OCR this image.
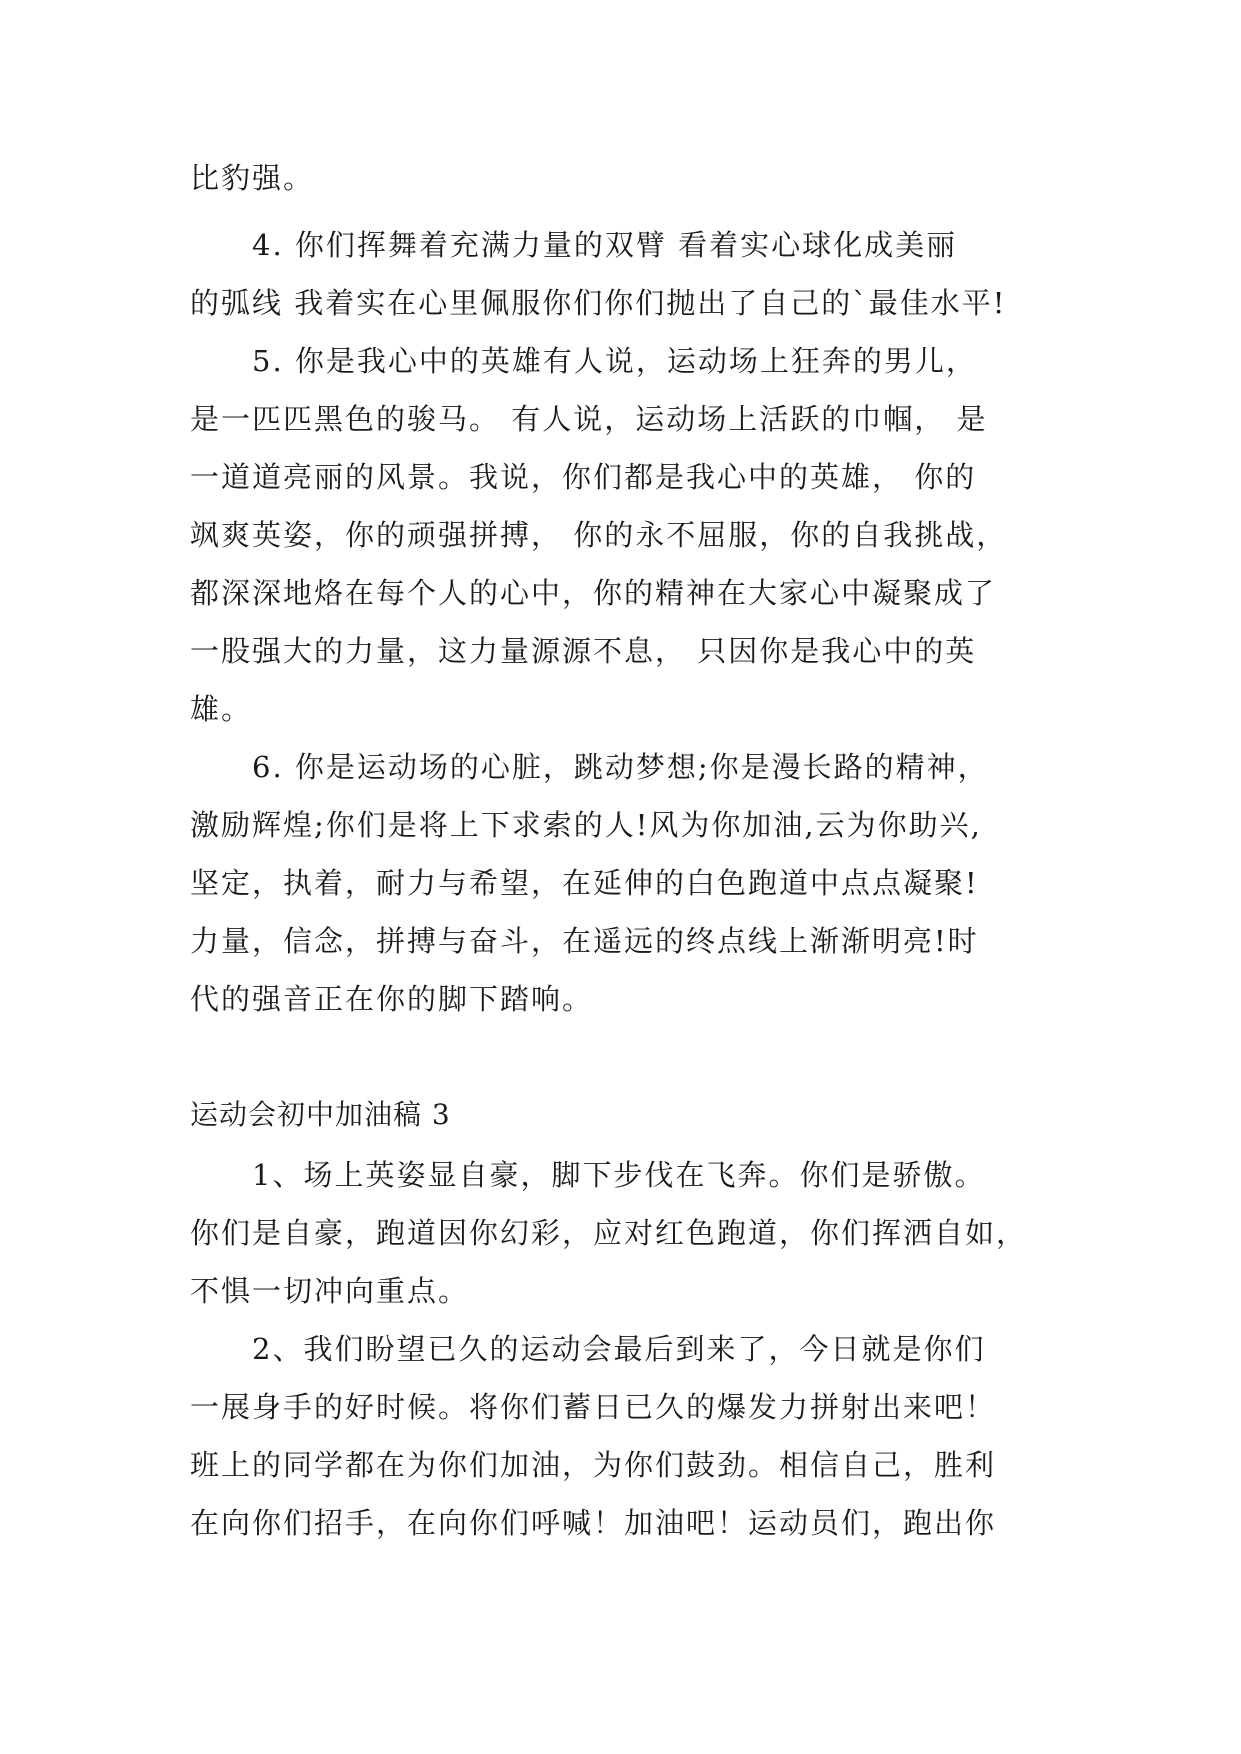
比豹强。
4. 你们挥舞着充满力量的双臂 看着实心球化成美丽
的弧线 我着实在心里佩服你们你们抛出了自己的`最佳水平!
5. 你是我心中的英雄有人说，运动场上狂奔的男儿，
是一匹匹黑色的骏马。 有人说，运动场上活跃的巾帼， 是
一道道亮丽的风景。我说，你们都是我心中的英雄， 你的
飒爽英姿，你的顽强拼搏， 你的永不屈服，你的自我挑战，
都深深地烙在每个人的心中，你的精神在大家心中凝聚成了
一股强大的力量，这力量源源不息， 只因你是我心中的英
雄。
6. 你是运动场的心脏，跳动梦想;你是漫长路的精神，
激励辉煌;你们是将上下求索的人!风为你加油,云为你助兴,
坚定，执着，耐力与希望，在延伸的白色跑道中点点凝聚!
力量，信念，拼搏与奋斗，在遥远的终点线上渐渐明亮!时
代的强音正在你的脚下踏响。
运动会初中加油稿 3
1、场上英姿显自豪，脚下步伐在飞奔。你们是骄傲。
你们是自豪，跑道因你幻彩，应对红色跑道，你们挥洒自如，
不惧一切冲向重点。
2、我们盼望已久的运动会最后到来了，今日就是你们
一展身手的好时候。将你们蓄日已久的爆发力拼射出来吧！
班上的同学都在为你们加油，为你们鼓劲。相信自己，胜利
在向你们招手，在向你们呼喊！加油吧！运动员们，跑出你
